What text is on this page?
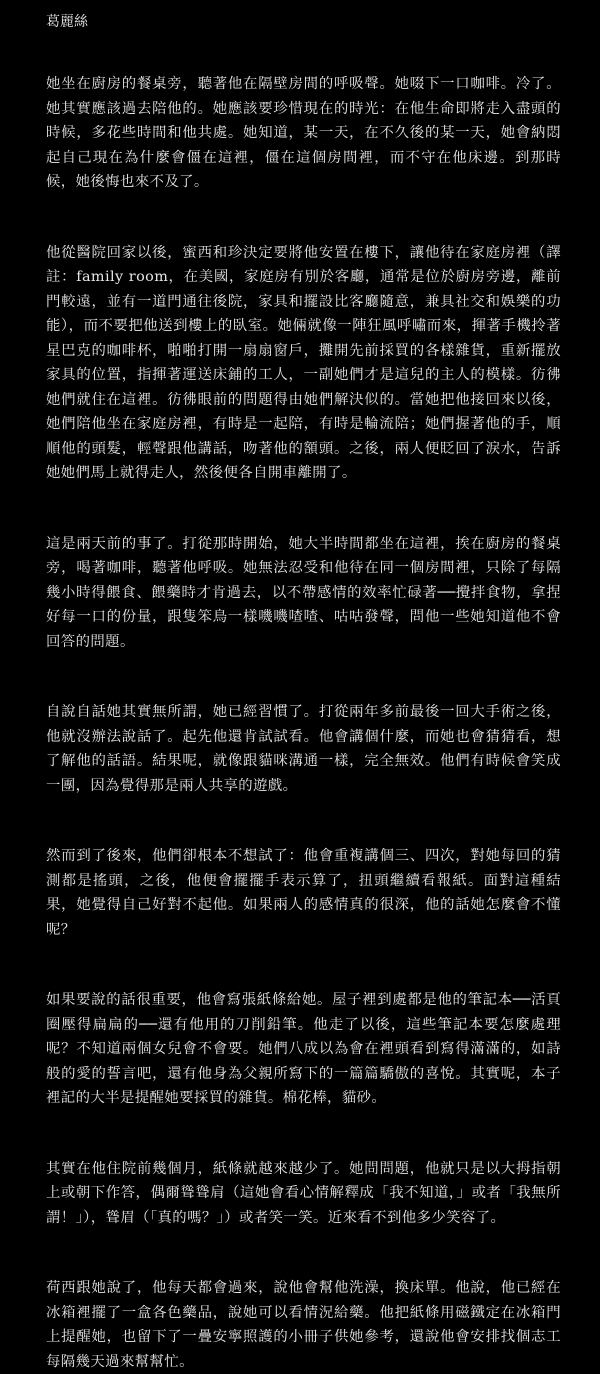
葛麗絲

她坐在廚房的餐桌旁，聽著他在隔壁房間的呼吸聲。她啜下一口咖啡。冷了。她其實應該過去陪他的。她應該要珍惜現在的時光：在他生命即將走入盡頭的時候，多花些時間和他共處。她知道，某一天，在不久後的某一天，她會納悶起自己現在為什麼會僵在這裡，僵在這個房間裡，而不守在他床邊。到那時候，她後悔也來不及了。

他從醫院回家以後，蜜西和珍決定要將他安置在樓下，讓他待在家庭房裡（譯註：family room，在美國，家庭房有別於客廳，通常是位於廚房旁邊，離前門較遠，並有一道門通往後院，家具和擺設比客廳隨意，兼具社交和娛樂的功能），而不要把他送到樓上的臥室。她倆就像一陣狂風呼嘯而來，揮著手機拎著星巴克的咖啡杯，啪啪打開一扇扇窗戶，攤開先前採買的各樣雜貨，重新擺放家具的位置，指揮著運送床鋪的工人，一副她們才是這兒的主人的模樣。彷彿她們就住在這裡。彷彿眼前的問題得由她們解決似的。當她把他接回來以後，她們陪他坐在家庭房裡，有時是一起陪，有時是輪流陪；她們握著他的手，順順他的頭髮，輕聲跟他講話，吻著他的額頭。之後，兩人便眨回了淚水，告訴她她們馬上就得走人，然後便各自開車離開了。

這是兩天前的事了。打從那時開始，她大半時間都坐在這裡，挨在廚房的餐桌旁，喝著咖啡，聽著他呼吸。她無法忍受和他待在同一個房間裡，只除了每隔幾小時得餵食、餵藥時才肯過去，以不帶感情的效率忙碌著──攪拌食物，拿捏好每一口的份量，跟隻笨鳥一樣嘰嘰喳喳、咕咕發聲，問他一些她知道他不會回答的問題。

自說自話她其實無所謂，她已經習慣了。打從兩年多前最後一回大手術之後，他就沒辦法說話了。起先他還肯試試看。他會講個什麼，而她也會猜猜看，想了解他的話語。結果呢，就像跟貓咪溝通一樣，完全無效。他們有時候會笑成一團，因為覺得那是兩人共享的遊戲。

然而到了後來，他們卻根本不想試了：他會重複講個三、四次，對她每回的猜測都是搖頭，之後，他便會擺擺手表示算了，扭頭繼續看報紙。面對這種結果，她覺得自己好對不起他。如果兩人的感情真的很深，他的話她怎麼會不懂呢？

如果要說的話很重要，他會寫張紙條給她。屋子裡到處都是他的筆記本──活頁圈壓得扁扁的──還有他用的刀削鉛筆。他走了以後，這些筆記本要怎麼處理呢？不知道兩個女兒會不會要。她們八成以為會在裡頭看到寫得滿滿的，如詩般的愛的誓言吧，還有他身為父親所寫下的一篇篇驕傲的喜悅。其實呢，本子裡記的大半是提醒她要採買的雜貨。棉花棒，貓砂。

其實在他住院前幾個月，紙條就越來越少了。她問問題，他就只是以大拇指朝上或朝下作答，偶爾聳聳肩（這她會看心情解釋成「我不知道，」或者「我無所謂！」），聳眉（「真的嗎？」）或者笑一笑。近來看不到他多少笑容了。

荷西跟她說了，他每天都會過來，說他會幫他洗澡，換床單。他說，他已經在冰箱裡擺了一盒各色藥品，說她可以看情況給藥。他把紙條用磁鐵定在冰箱門上提醒她，也留下了一疊安寧照護的小冊子供她參考，還說他會安排找個志工每隔幾天過來幫幫忙。
